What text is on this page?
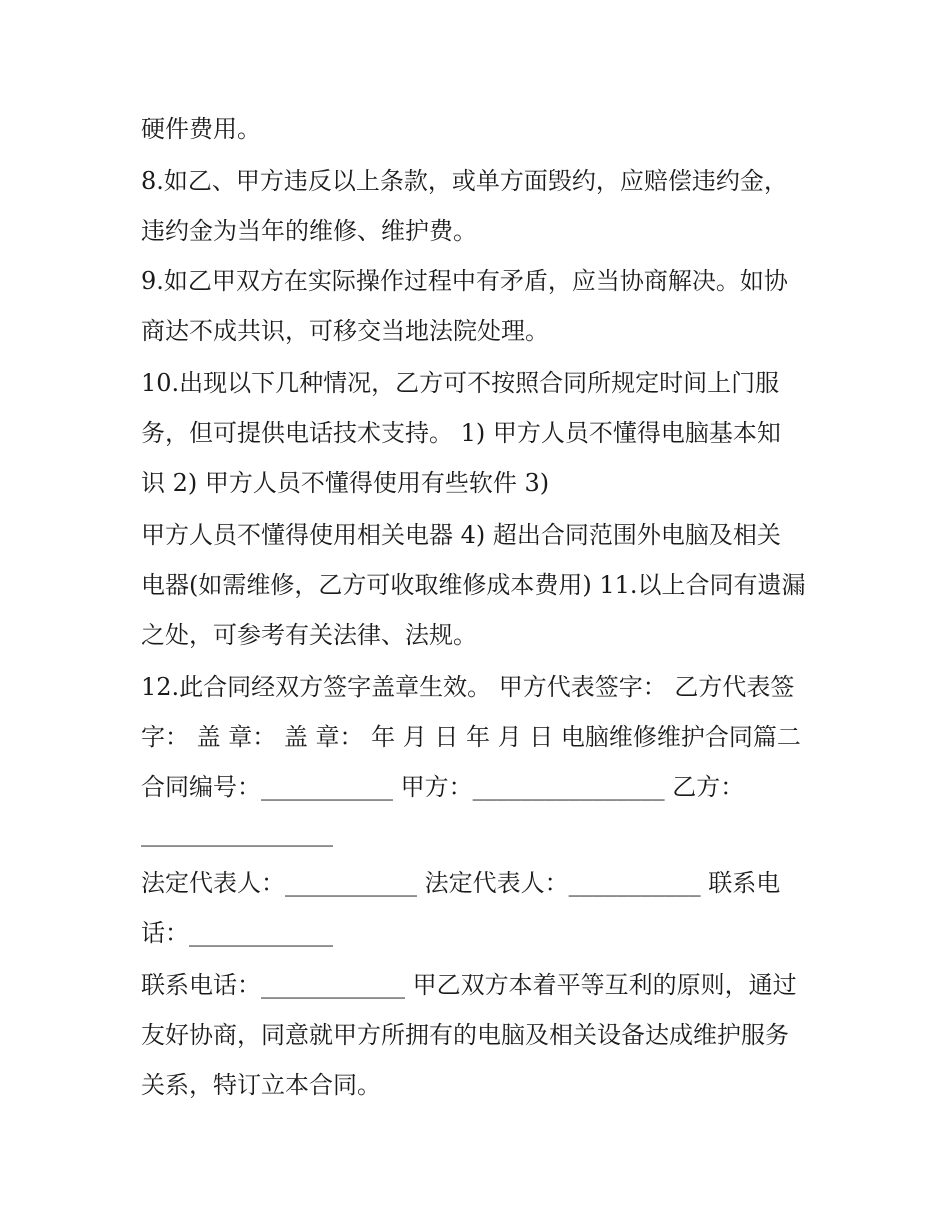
硬件费用。
8.如乙、甲方违反以上条款，或单方面毁约，应赔偿违约金，
违约金为当年的维修、维护费。
9.如乙甲双方在实际操作过程中有矛盾，应当协商解决。如协
商达不成共识，可移交当地法院处理。
10.出现以下几种情况，乙方可不按照合同所规定时间上门服
务，但可提供电话技术支持。 1) 甲方人员不懂得电脑基本知
识 2) 甲方人员不懂得使用有些软件 3)
甲方人员不懂得使用相关电器 4) 超出合同范围外电脑及相关
电器(如需维修，乙方可收取维修成本费用) 11.以上合同有遗漏
之处，可参考有关法律、法规。
12.此合同经双方签字盖章生效。 甲方代表签字： 乙方代表签
字： 盖 章： 盖 章： 年 月 日 年 月 日 电脑维修维护合同篇二
合同编号：___________ 甲方：________________ 乙方：
________________
法定代表人：___________ 法定代表人：___________ 联系电
话：____________
联系电话：____________ 甲乙双方本着平等互利的原则，通过
友好协商，同意就甲方所拥有的电脑及相关设备达成维护服务
关系，特订立本合同。
